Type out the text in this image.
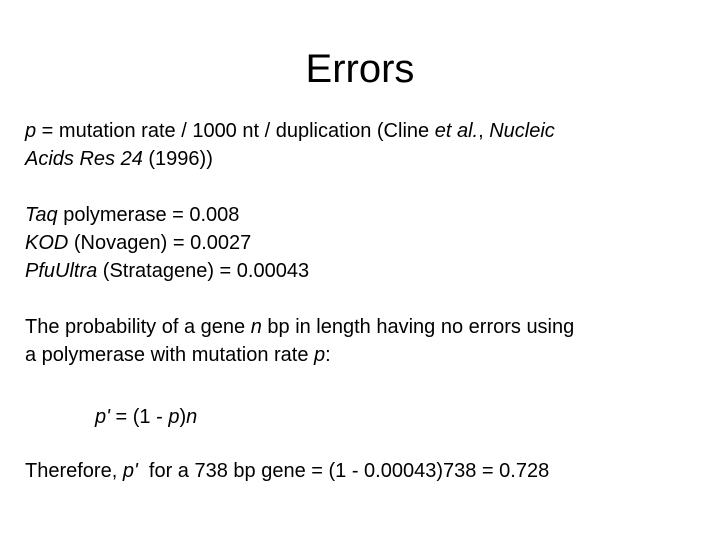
Errors
p = mutation rate / 1000 nt / duplication (Cline et al., Nucleic
Acids Res 24 (1996))
Taq polymerase = 0.008
KOD (Novagen) = 0.0027
PfuUltra (Stratagene) = 0.00043
The probability of a gene n bp in length having no errors using
a polymerase with mutation rate p:
p' = (1 - p)n
Therefore, p'  for a 738 bp gene = (1 - 0.00043)738 = 0.728
